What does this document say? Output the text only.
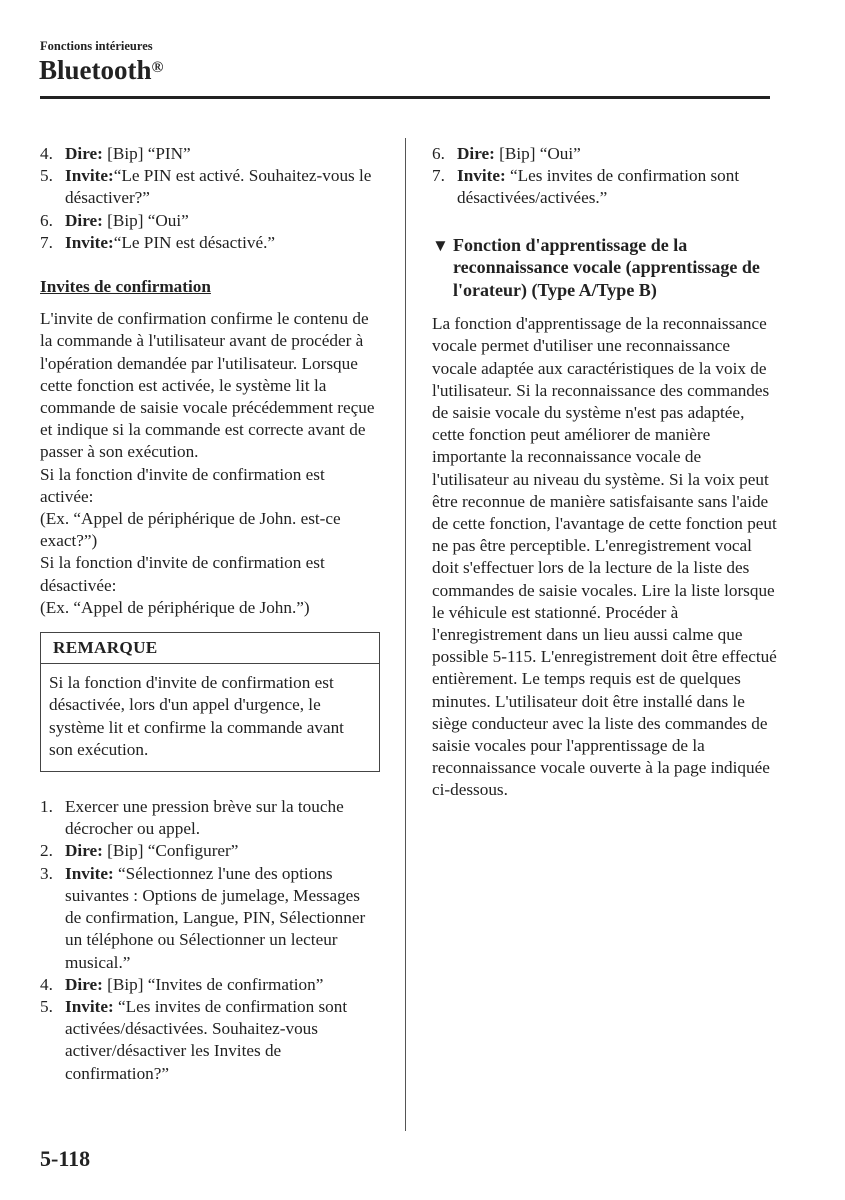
Fonctions intérieures
Bluetooth®
4. Dire: [Bip] “PIN”
5. Invite:“Le PIN est activé. Souhaitez-vous le désactiver?”
6. Dire: [Bip] “Oui”
7. Invite:“Le PIN est désactivé.”
Invites de confirmation

L'invite de confirmation confirme le contenu de la commande à l'utilisateur avant de procéder à l'opération demandée par l'utilisateur. Lorsque cette fonction est activée, le système lit la commande de saisie vocale précédemment reçue et indique si la commande est correcte avant de passer à son exécution.

Si la fonction d'invite de confirmation est activée:

(Ex. “Appel de périphérique de John. est-ce exact?”)

Si la fonction d'invite de confirmation est désactivée:

(Ex. “Appel de périphérique de John.”)

REMARQUE
Si la fonction d'invite de confirmation est désactivée, lors d'un appel d'urgence, le système lit et confirme la commande avant son exécution.
1. Exercer une pression brève sur la touche décrocher ou appel.
2. Dire: [Bip] “Configurer”
3. Invite: “Sélectionnez l'une des options suivantes : Options de jumelage, Messages de confirmation, Langue, PIN, Sélectionner un téléphone ou Sélectionner un lecteur musical.”
4. Dire: [Bip] “Invites de confirmation”
5. Invite: “Les invites de confirmation sont activées/désactivées. Souhaitez-vous activer/désactiver les Invites de confirmation?”
6. Dire: [Bip] “Oui”
7. Invite: “Les invites de confirmation sont désactivées/activées.”
▼ Fonction d'apprentissage de la reconnaissance vocale (apprentissage de l'orateur) (Type A/Type B)

La fonction d'apprentissage de la reconnaissance vocale permet d'utiliser une reconnaissance vocale adaptée aux caractéristiques de la voix de l'utilisateur. Si la reconnaissance des commandes de saisie vocale du système n'est pas adaptée, cette fonction peut améliorer de manière importante la reconnaissance vocale de l'utilisateur au niveau du système. Si la voix peut être reconnue de manière satisfaisante sans l'aide de cette fonction, l'avantage de cette fonction peut ne pas être perceptible. L'enregistrement vocal doit s'effectuer lors de la lecture de la liste des commandes de saisie vocales. Lire la liste lorsque le véhicule est stationné. Procéder à l'enregistrement dans un lieu aussi calme que possible 5-115. L'enregistrement doit être effectué entièrement. Le temps requis est de quelques minutes. L'utilisateur doit être installé dans le siège conducteur avec la liste des commandes de saisie vocales pour l'apprentissage de la reconnaissance vocale ouverte à la page indiquée ci-dessous.

5-118
